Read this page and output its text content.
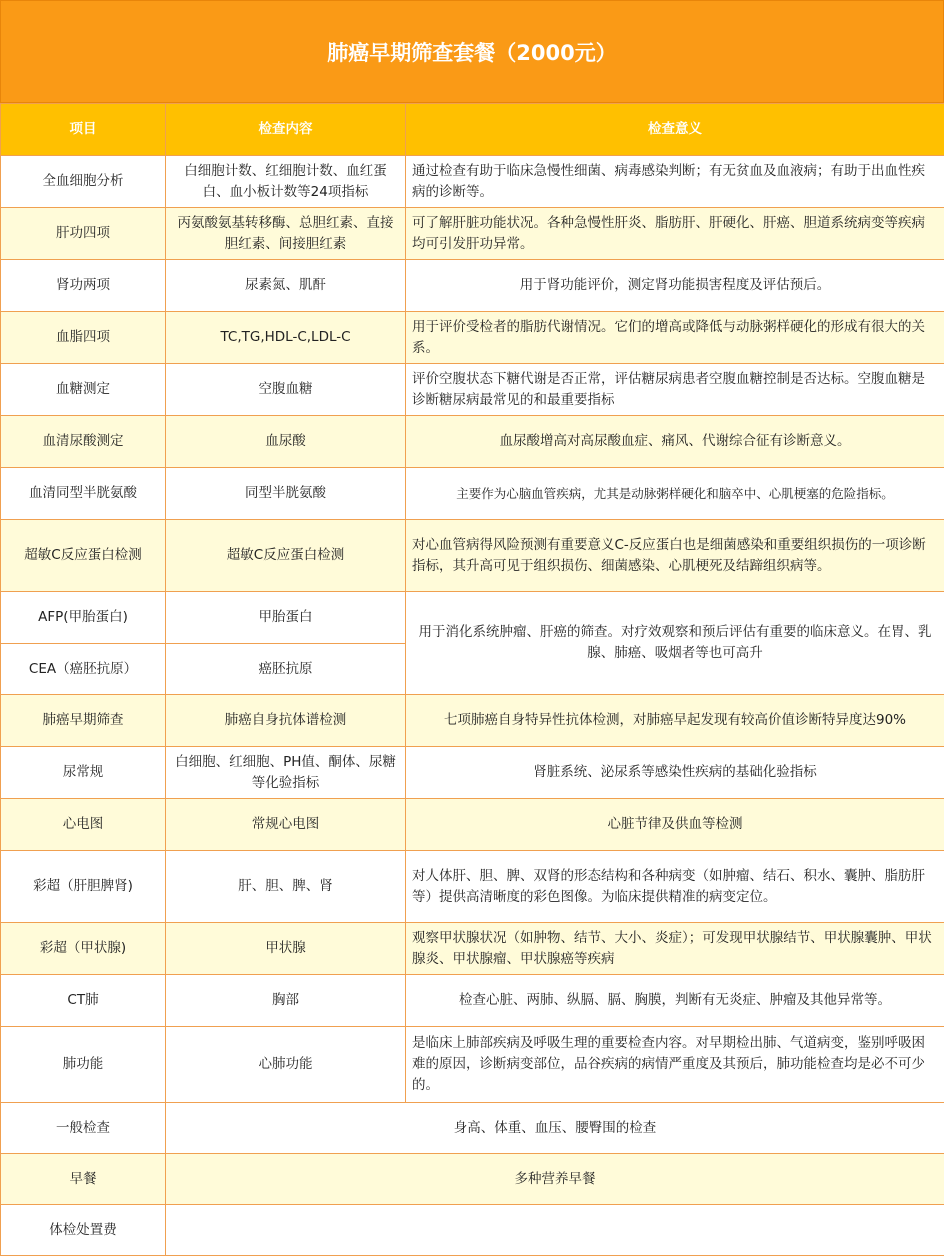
肺癌早期筛查套餐（2000元）
项目	检查内容	检查意义
全血细胞分析	白细胞计数、红细胞计数、血红蛋白、血小板计数等24项指标	通过检查有助于临床急慢性细菌、病毒感染判断；有无贫血及血液病；有助于出血性疾病的诊断等。
肝功四项	丙氨酸氨基转移酶、总胆红素、直接胆红素、间接胆红素	可了解肝脏功能状况。各种急慢性肝炎、脂肪肝、肝硬化、肝癌、胆道系统病变等疾病均可引发肝功异常。
肾功两项	尿素氮、肌酐	用于肾功能评价，测定肾功能损害程度及评估预后。
血脂四项	TC,TG,HDL-C,LDL-C	用于评价受检者的脂肪代谢情况。它们的增高或降低与动脉粥样硬化的形成有很大的关系。
血糖测定	空腹血糖	评价空腹状态下糖代谢是否正常，评估糖尿病患者空腹血糖控制是否达标。空腹血糖是诊断糖尿病最常见的和最重要指标
血清尿酸测定	血尿酸	血尿酸增高对高尿酸血症、痛风、代谢综合征有诊断意义。
血清同型半胱氨酸	同型半胱氨酸	主要作为心脑血管疾病，尤其是动脉粥样硬化和脑卒中、心肌梗塞的危险指标。
超敏C反应蛋白检测	超敏C反应蛋白检测	对心血管病得风险预测有重要意义C-反应蛋白也是细菌感染和重要组织损伤的一项诊断指标，其升高可见于组织损伤、细菌感染、心肌梗死及结蹄组织病等。
AFP(甲胎蛋白)	甲胎蛋白	用于消化系统肿瘤、肝癌的筛查。对疗效观察和预后评估有重要的临床意义。在胃、乳腺、肺癌、吸烟者等也可高升
CEA（癌胚抗原）	癌胚抗原	
肺癌早期筛查	肺癌自身抗体谱检测	七项肺癌自身特异性抗体检测，对肺癌早起发现有较高价值诊断特异度达90%
尿常规	白细胞、红细胞、PH值、酮体、尿糖等化验指标	肾脏系统、泌尿系等感染性疾病的基础化验指标
心电图	常规心电图	心脏节律及供血等检测
彩超（肝胆脾肾)	肝、胆、脾、肾	对人体肝、胆、脾、双肾的形态结构和各种病变（如肿瘤、结石、积水、囊肿、脂肪肝等）提供高清晰度的彩色图像。为临床提供精准的病变定位。
彩超（甲状腺)	甲状腺	观察甲状腺状况（如肿物、结节、大小、炎症）；可发现甲状腺结节、甲状腺囊肿、甲状腺炎、甲状腺瘤、甲状腺癌等疾病
CT肺	胸部	检查心脏、两肺、纵膈、膈、胸膜，判断有无炎症、肿瘤及其他异常等。
肺功能	心肺功能	是临床上肺部疾病及呼吸生理的重要检查内容。对早期检出肺、气道病变，鉴别呼吸困难的原因，诊断病变部位，品谷疾病的病情严重度及其预后，肺功能检查均是必不可少的。
一般检查	身高、体重、血压、腰臀围的检查	
早餐	多种营养早餐	
体检处置费		
